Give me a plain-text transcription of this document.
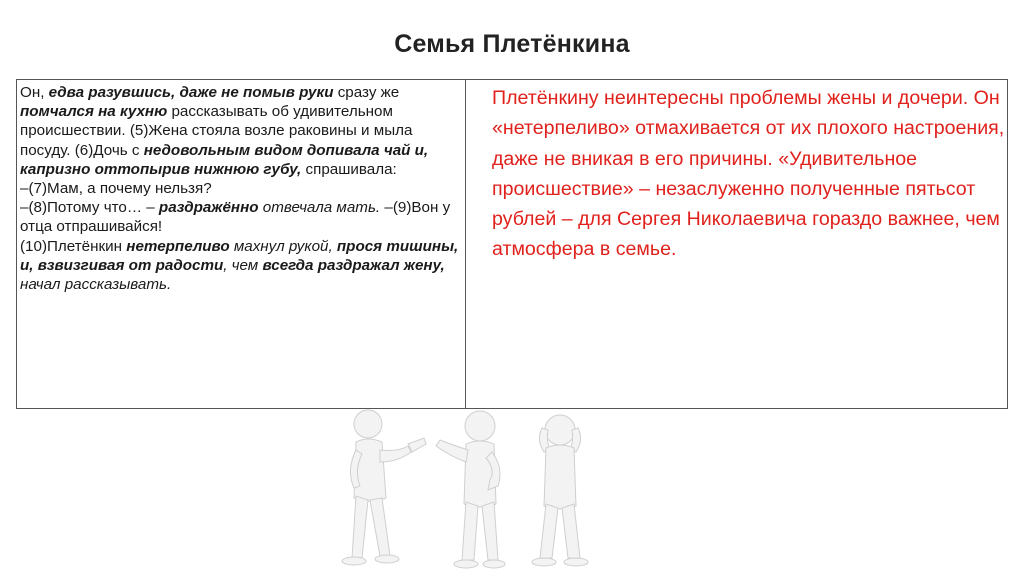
Семья Плетёнкина
Он, едва разувшись, даже не помыв руки сразу же помчался на кухню рассказывать об удивительном происшествии. (5)Жена стояла возле раковины и мыла посуду. (6)Дочь с недовольным видом допивала чай и, капризно оттопырив нижнюю губу, спрашивала:
–(7)Мам, а почему нельзя?
–(8)Потому что… – раздражённо отвечала мать. –(9)Вон у отца отпрашивайся!
(10)Плетёнкин нетерпеливо махнул рукой, прося тишины, и, взвизгивая от радости, чем всегда раздражал жену, начал рассказывать.
Плетёнкину неинтересны проблемы жены и дочери. Он «нетерпеливо» отмахивается от их плохого настроения, даже не вникая в его причины. «Удивительное происшествие» – незаслуженно полученные пятьсот рублей – для Сергея Николаевича гораздо важнее, чем атмосфера в семье.
